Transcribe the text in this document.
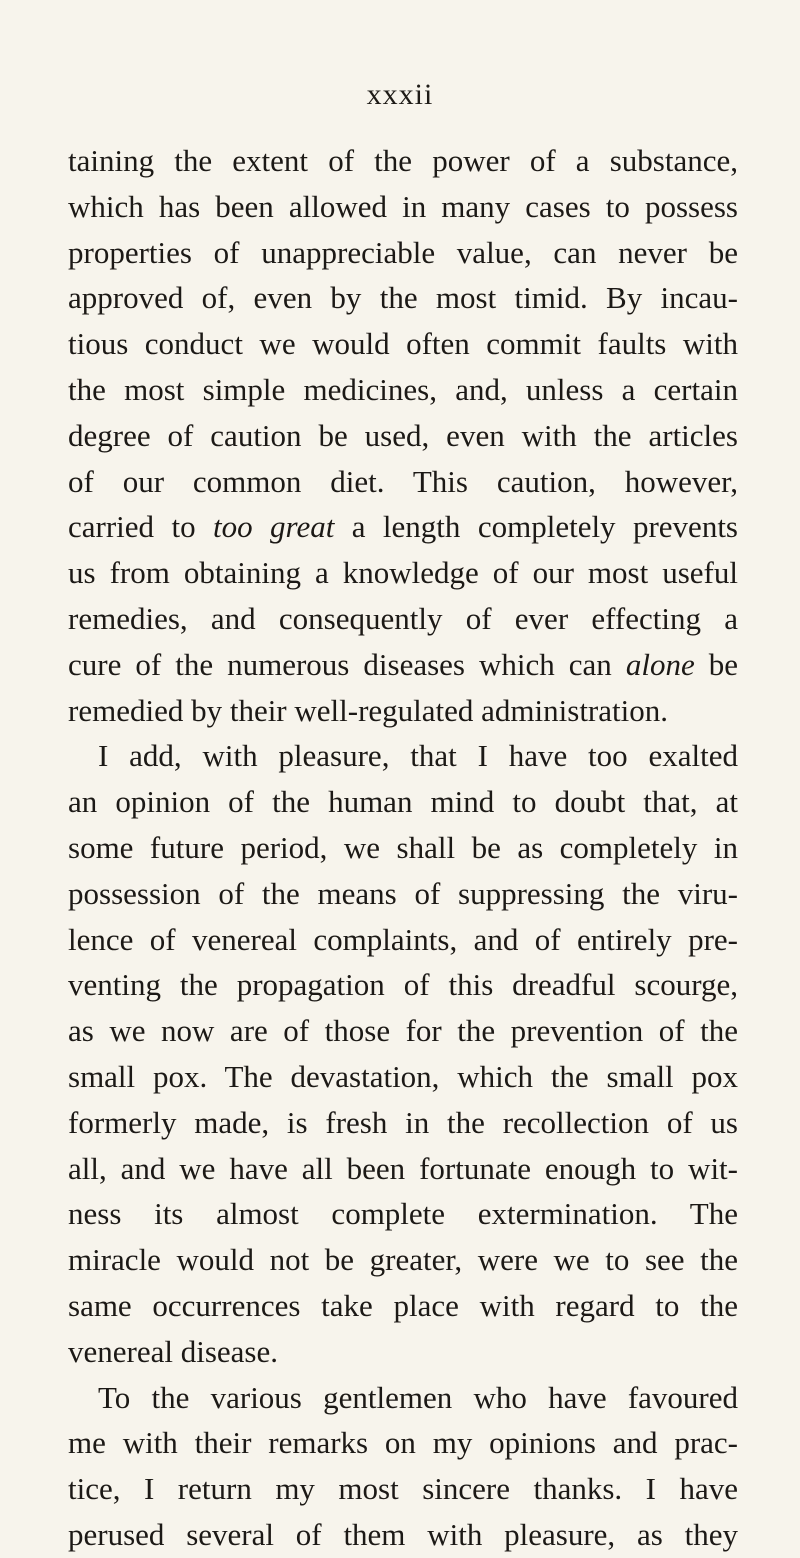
xxxii
taining the extent of the power of a substance,
which has been allowed in many cases to possess
properties of unappreciable value, can never be
approved of, even by the most timid. By incau-
tious conduct we would often commit faults with
the most simple medicines, and, unless a certain
degree of caution be used, even with the articles
of our common diet. This caution, however,
carried to too great a length completely prevents
us from obtaining a knowledge of our most useful
remedies, and consequently of ever effecting a
cure of the numerous diseases which can alone be
remedied by their well-regulated administration.
I add, with pleasure, that I have too exalted
an opinion of the human mind to doubt that, at
some future period, we shall be as completely in
possession of the means of suppressing the viru-
lence of venereal complaints, and of entirely pre-
venting the propagation of this dreadful scourge,
as we now are of those for the prevention of the
small pox. The devastation, which the small pox
formerly made, is fresh in the recollection of us
all, and we have all been fortunate enough to wit-
ness its almost complete extermination. The
miracle would not be greater, were we to see the
same occurrences take place with regard to the
venereal disease.
To the various gentlemen who have favoured
me with their remarks on my opinions and prac-
tice, I return my most sincere thanks. I have
perused several of them with pleasure, as they
